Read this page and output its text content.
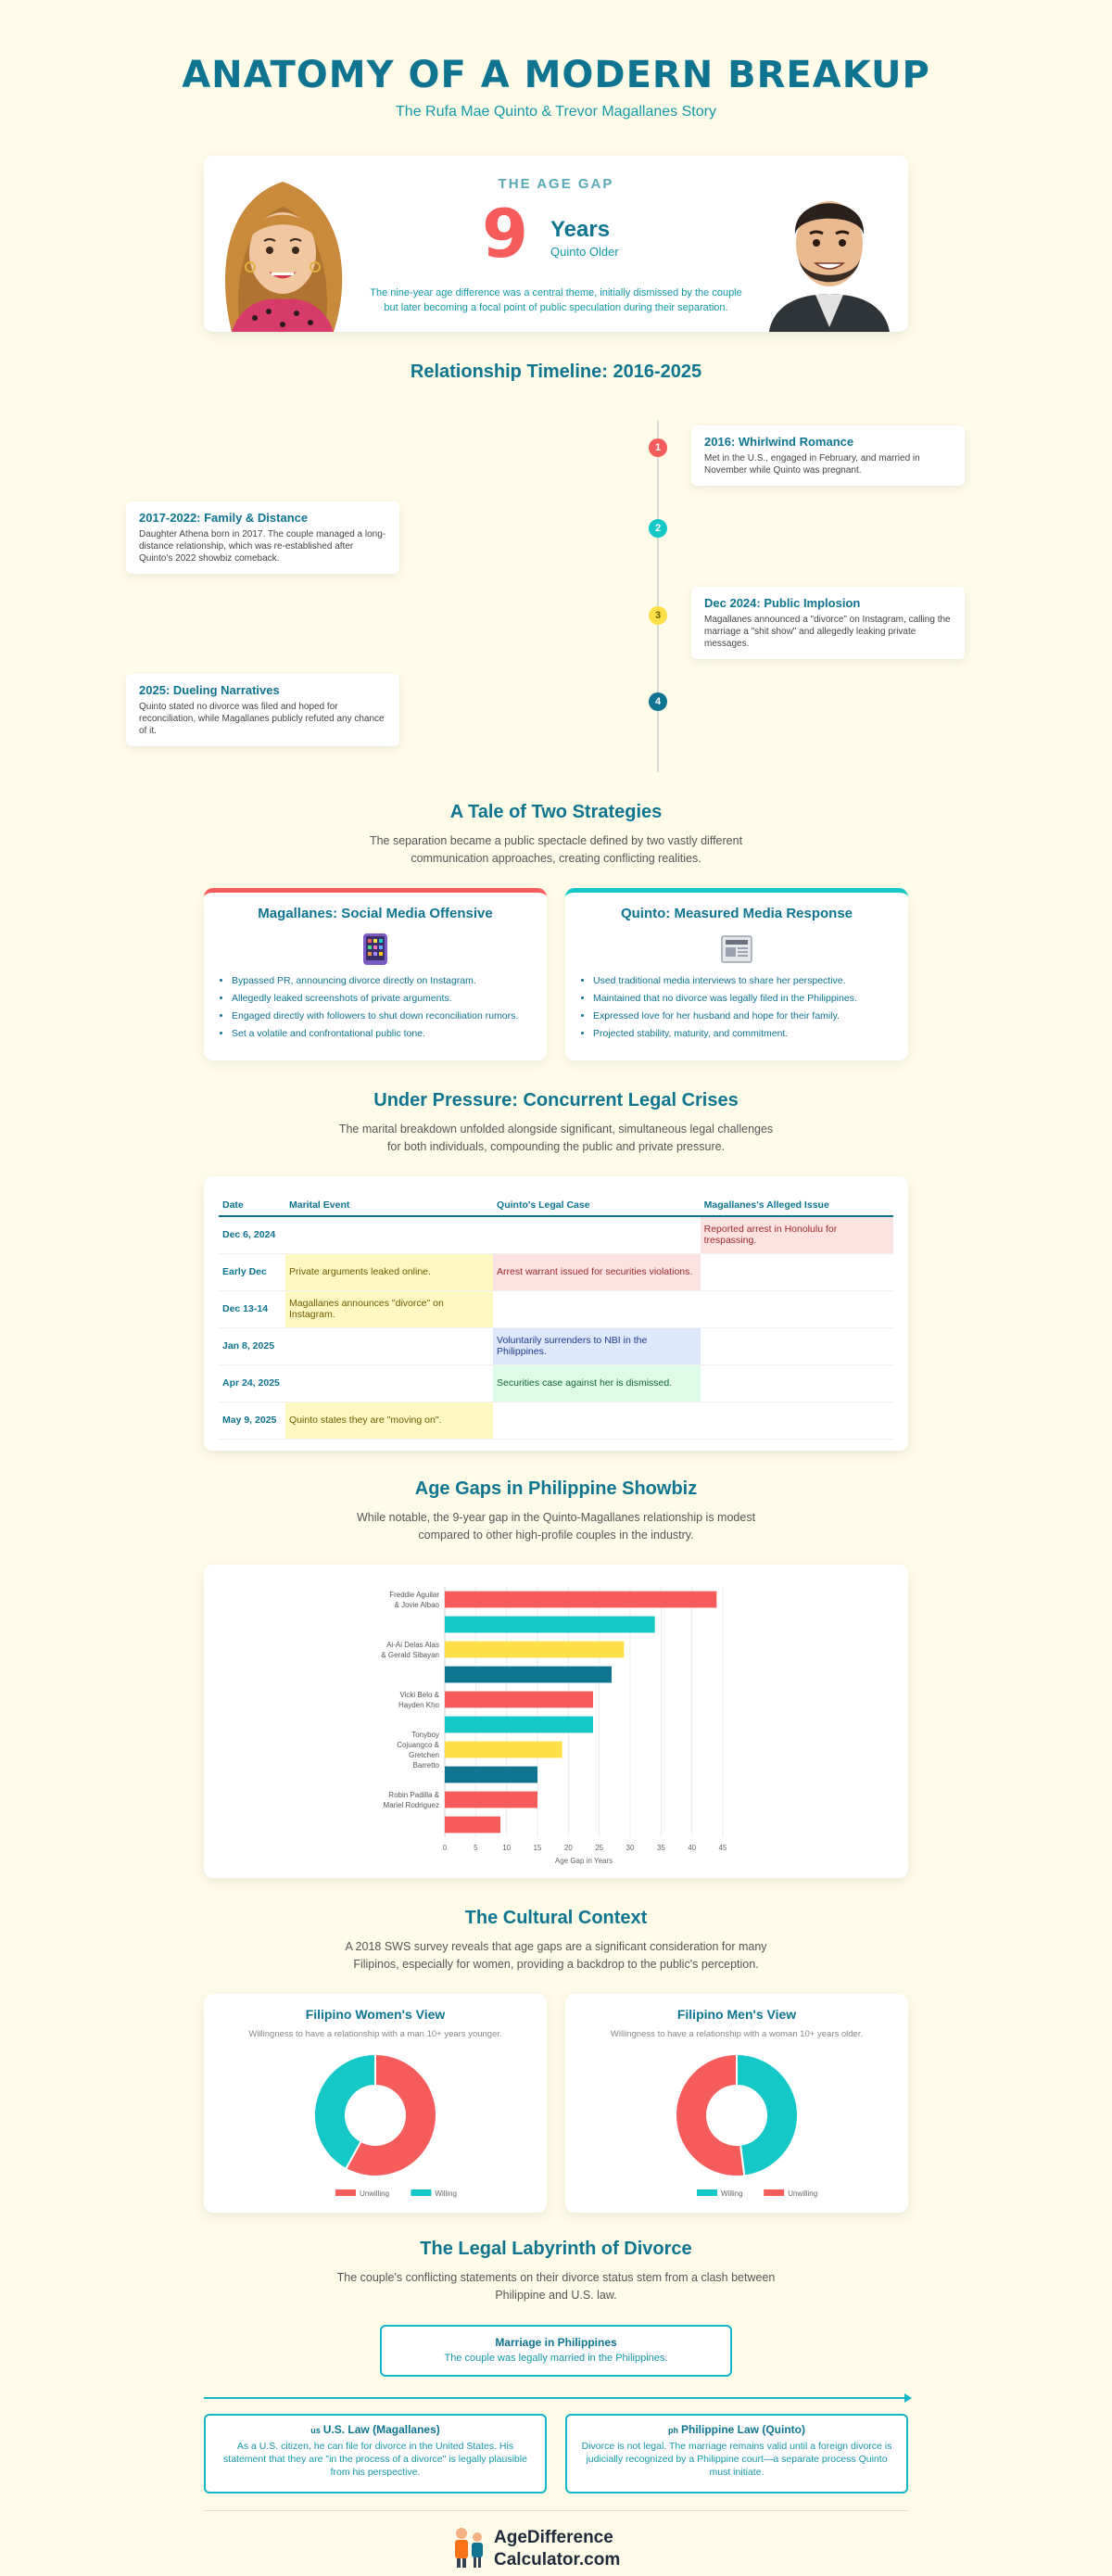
ANATOMY OF A MODERN BREAKUP
The Rufa Mae Quinto & Trevor Magallanes Story
THE AGE GAP
9 Years
Quinto Older
The nine-year age difference was a central theme, initially dismissed by the couple but later becoming a focal point of public speculation during their separation.
Relationship Timeline: 2016-2025
1	2016: Whirlwind Romance

Met in the U.S., engaged in February, and married in November while Quinto was pregnant.

2
2017-2022: Family & Distance

Daughter Athena born in 2017. The couple managed a long-distance relationship, which was re-established after Quinto's 2022 showbiz comeback.

3
Dec 2024: Public Implosion

Magallanes announced a "divorce" on Instagram, calling the marriage a "shit show" and allegedly leaking private messages.

4
2025: Dueling Narratives

Quinto stated no divorce was filed and hoped for reconciliation, while Magallanes publicly refuted any chance of it.

A Tale of Two Strategies

The separation became a public spectacle defined by two vastly different communication approaches, creating conflicting realities.

Magallanes: Social Media Offensive
• Bypassed PR, announcing divorce directly on Instagram.
• Allegedly leaked screenshots of private arguments.
• Engaged directly with followers to shut down reconciliation rumors.
• Set a volatile and confrontational public tone.
Quinto: Measured Media Response
• Used traditional media interviews to share her perspective.
• Maintained that no divorce was legally filed in the Philippines.
• Expressed love for her husband and hope for their family.
• Projected stability, maturity, and commitment.
Under Pressure: Concurrent Legal Crises

The marital breakdown unfolded alongside significant, simultaneous legal challenges for both individuals, compounding the public and private pressure.

Date	Marital Event	Quinto's Legal Case	Magallanes's Alleged Issue
Dec 6, 2024			Reported arrest in Honolulu for trespassing.
Early Dec	Private arguments leaked online.	Arrest warrant issued for securities violations.	
Dec 13-14	Magallanes announces "divorce" on Instagram.		
Jan 8, 2025		Voluntarily surrenders to NBI in the Philippines.	
Apr 24, 2025		Securities case against her is dismissed.	
May 9, 2025	Quinto states they are "moving on".		
Age Gaps in Philippine Showbiz

While notable, the 9-year gap in the Quinto-Magallanes relationship is modest compared to other high-profile couples in the industry.

0	5	10	15	20	25	30	35	40	45
Freddie Aguilar & Jovie Albao
Ai-Ai Delas Alas & Gerald Sibayan
Vicki Belo & Hayden Kho
Tonyboy Cojuangco & Gretchen Barretto
Robin Padilla & Mariel Rodriguez
Age Gap in Years
The Cultural Context

A 2018 SWS survey reveals that age gaps are a significant consideration for many Filipinos, especially for women, providing a backdrop to the public's perception.

Filipino Women's View
Willingness to have a relationship with a man 10+ years younger.
Unwilling	Willing
Filipino Men's View
Willingness to have a relationship with a woman 10+ years older.
Willing	Unwilling
The Legal Labyrinth of Divorce

The couple's conflicting statements on their divorce status stem from a clash between Philippine and U.S. law.

Marriage in Philippines

The couple was legally married in the Philippines.

us U.S. Law (Magallanes)

As a U.S. citizen, he can file for divorce in the United States. His statement that they are "in the process of a divorce" is legally plausible from his perspective.

ph Philippine Law (Quinto)

Divorce is not legal. The marriage remains valid until a foreign divorce is judicially recognized by a Philippine court—a separate process Quinto must initiate.

AgeDifference
Calculator.com
